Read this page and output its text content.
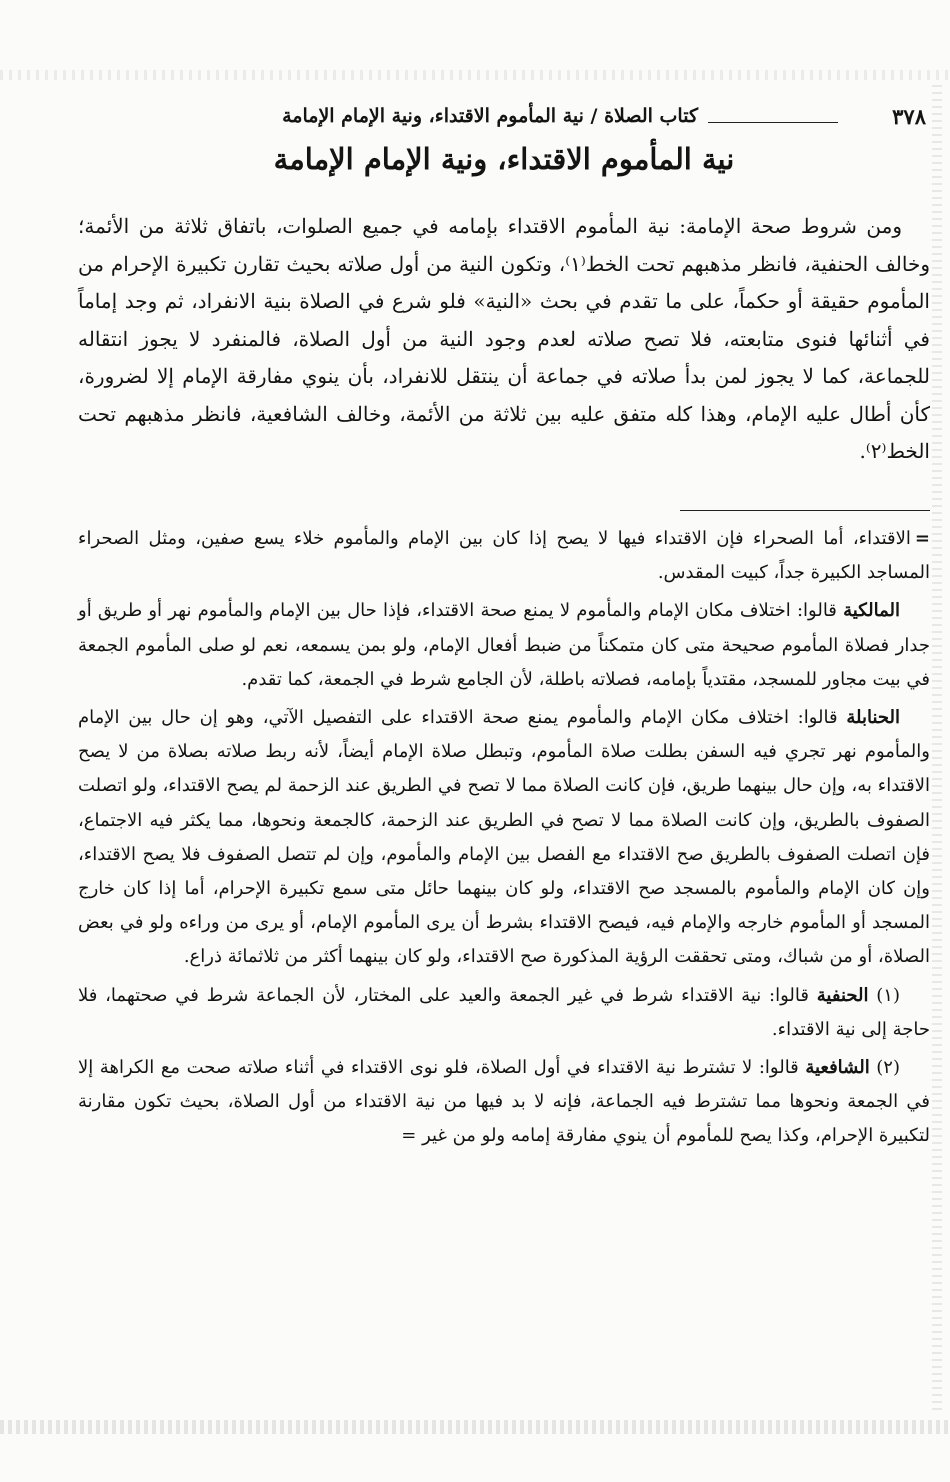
٣٧٨
كتاب الصلاة / نية المأموم الاقتداء، ونية الإمام الإمامة
نية المأموم الاقتداء، ونية الإمام الإمامة

ومن شروط صحة الإمامة: نية المأموم الاقتداء بإمامه في جميع الصلوات، باتفاق ثلاثة من الأئمة؛ وخالف الحنفية، فانظر مذهبهم تحت الخط⁽١⁾، وتكون النية من أول صلاته بحيث تقارن تكبيرة الإحرام من المأموم حقيقة أو حكماً، على ما تقدم في بحث «النية» فلو شرع في الصلاة بنية الانفراد، ثم وجد إماماً في أثنائها فنوى متابعته، فلا تصح صلاته لعدم وجود النية من أول الصلاة، فالمنفرد لا يجوز انتقاله للجماعة، كما لا يجوز لمن بدأ صلاته في جماعة أن ينتقل للانفراد، بأن ينوي مفارقة الإمام إلا لضرورة، كأن أطال عليه الإمام، وهذا كله متفق عليه بين ثلاثة من الأئمة، وخالف الشافعية، فانظر مذهبهم تحت الخط⁽٢⁾.

=الاقتداء، أما الصحراء فإن الاقتداء فيها لا يصح إذا كان بين الإمام والمأموم خلاء يسع صفين، ومثل الصحراء المساجد الكبيرة جداً، كبيت المقدس.

المالكية قالوا: اختلاف مكان الإمام والمأموم لا يمنع صحة الاقتداء، فإذا حال بين الإمام والمأموم نهر أو طريق أو جدار فصلاة المأموم صحيحة متى كان متمكناً من ضبط أفعال الإمام، ولو بمن يسمعه، نعم لو صلى المأموم الجمعة في بيت مجاور للمسجد، مقتدياً بإمامه، فصلاته باطلة، لأن الجامع شرط في الجمعة، كما تقدم.

الحنابلة قالوا: اختلاف مكان الإمام والمأموم يمنع صحة الاقتداء على التفصيل الآتي، وهو إن حال بين الإمام والمأموم نهر تجري فيه السفن بطلت صلاة المأموم، وتبطل صلاة الإمام أيضاً، لأنه ربط صلاته بصلاة من لا يصح الاقتداء به، وإن حال بينهما طريق، فإن كانت الصلاة مما لا تصح في الطريق عند الزحمة لم يصح الاقتداء، ولو اتصلت الصفوف بالطريق، وإن كانت الصلاة مما لا تصح في الطريق عند الزحمة، كالجمعة ونحوها، مما يكثر فيه الاجتماع، فإن اتصلت الصفوف بالطريق صح الاقتداء مع الفصل بين الإمام والمأموم، وإن لم تتصل الصفوف فلا يصح الاقتداء، وإن كان الإمام والمأموم بالمسجد صح الاقتداء، ولو كان بينهما حائل متى سمع تكبيرة الإحرام، أما إذا كان خارج المسجد أو المأموم خارجه والإمام فيه، فيصح الاقتداء بشرط أن يرى المأموم الإمام، أو يرى من وراءه ولو في بعض الصلاة، أو من شباك، ومتى تحققت الرؤية المذكورة صح الاقتداء، ولو كان بينهما أكثر من ثلاثمائة ذراع.

(١) الحنفية قالوا: نية الاقتداء شرط في غير الجمعة والعيد على المختار، لأن الجماعة شرط في صحتهما، فلا حاجة إلى نية الاقتداء.

(٢) الشافعية قالوا: لا تشترط نية الاقتداء في أول الصلاة، فلو نوى الاقتداء في أثناء صلاته صحت مع الكراهة إلا في الجمعة ونحوها مما تشترط فيه الجماعة، فإنه لا بد فيها من نية الاقتداء من أول الصلاة، بحيث تكون مقارنة لتكبيرة الإحرام، وكذا يصح للمأموم أن ينوي مفارقة إمامه ولو من غير =
